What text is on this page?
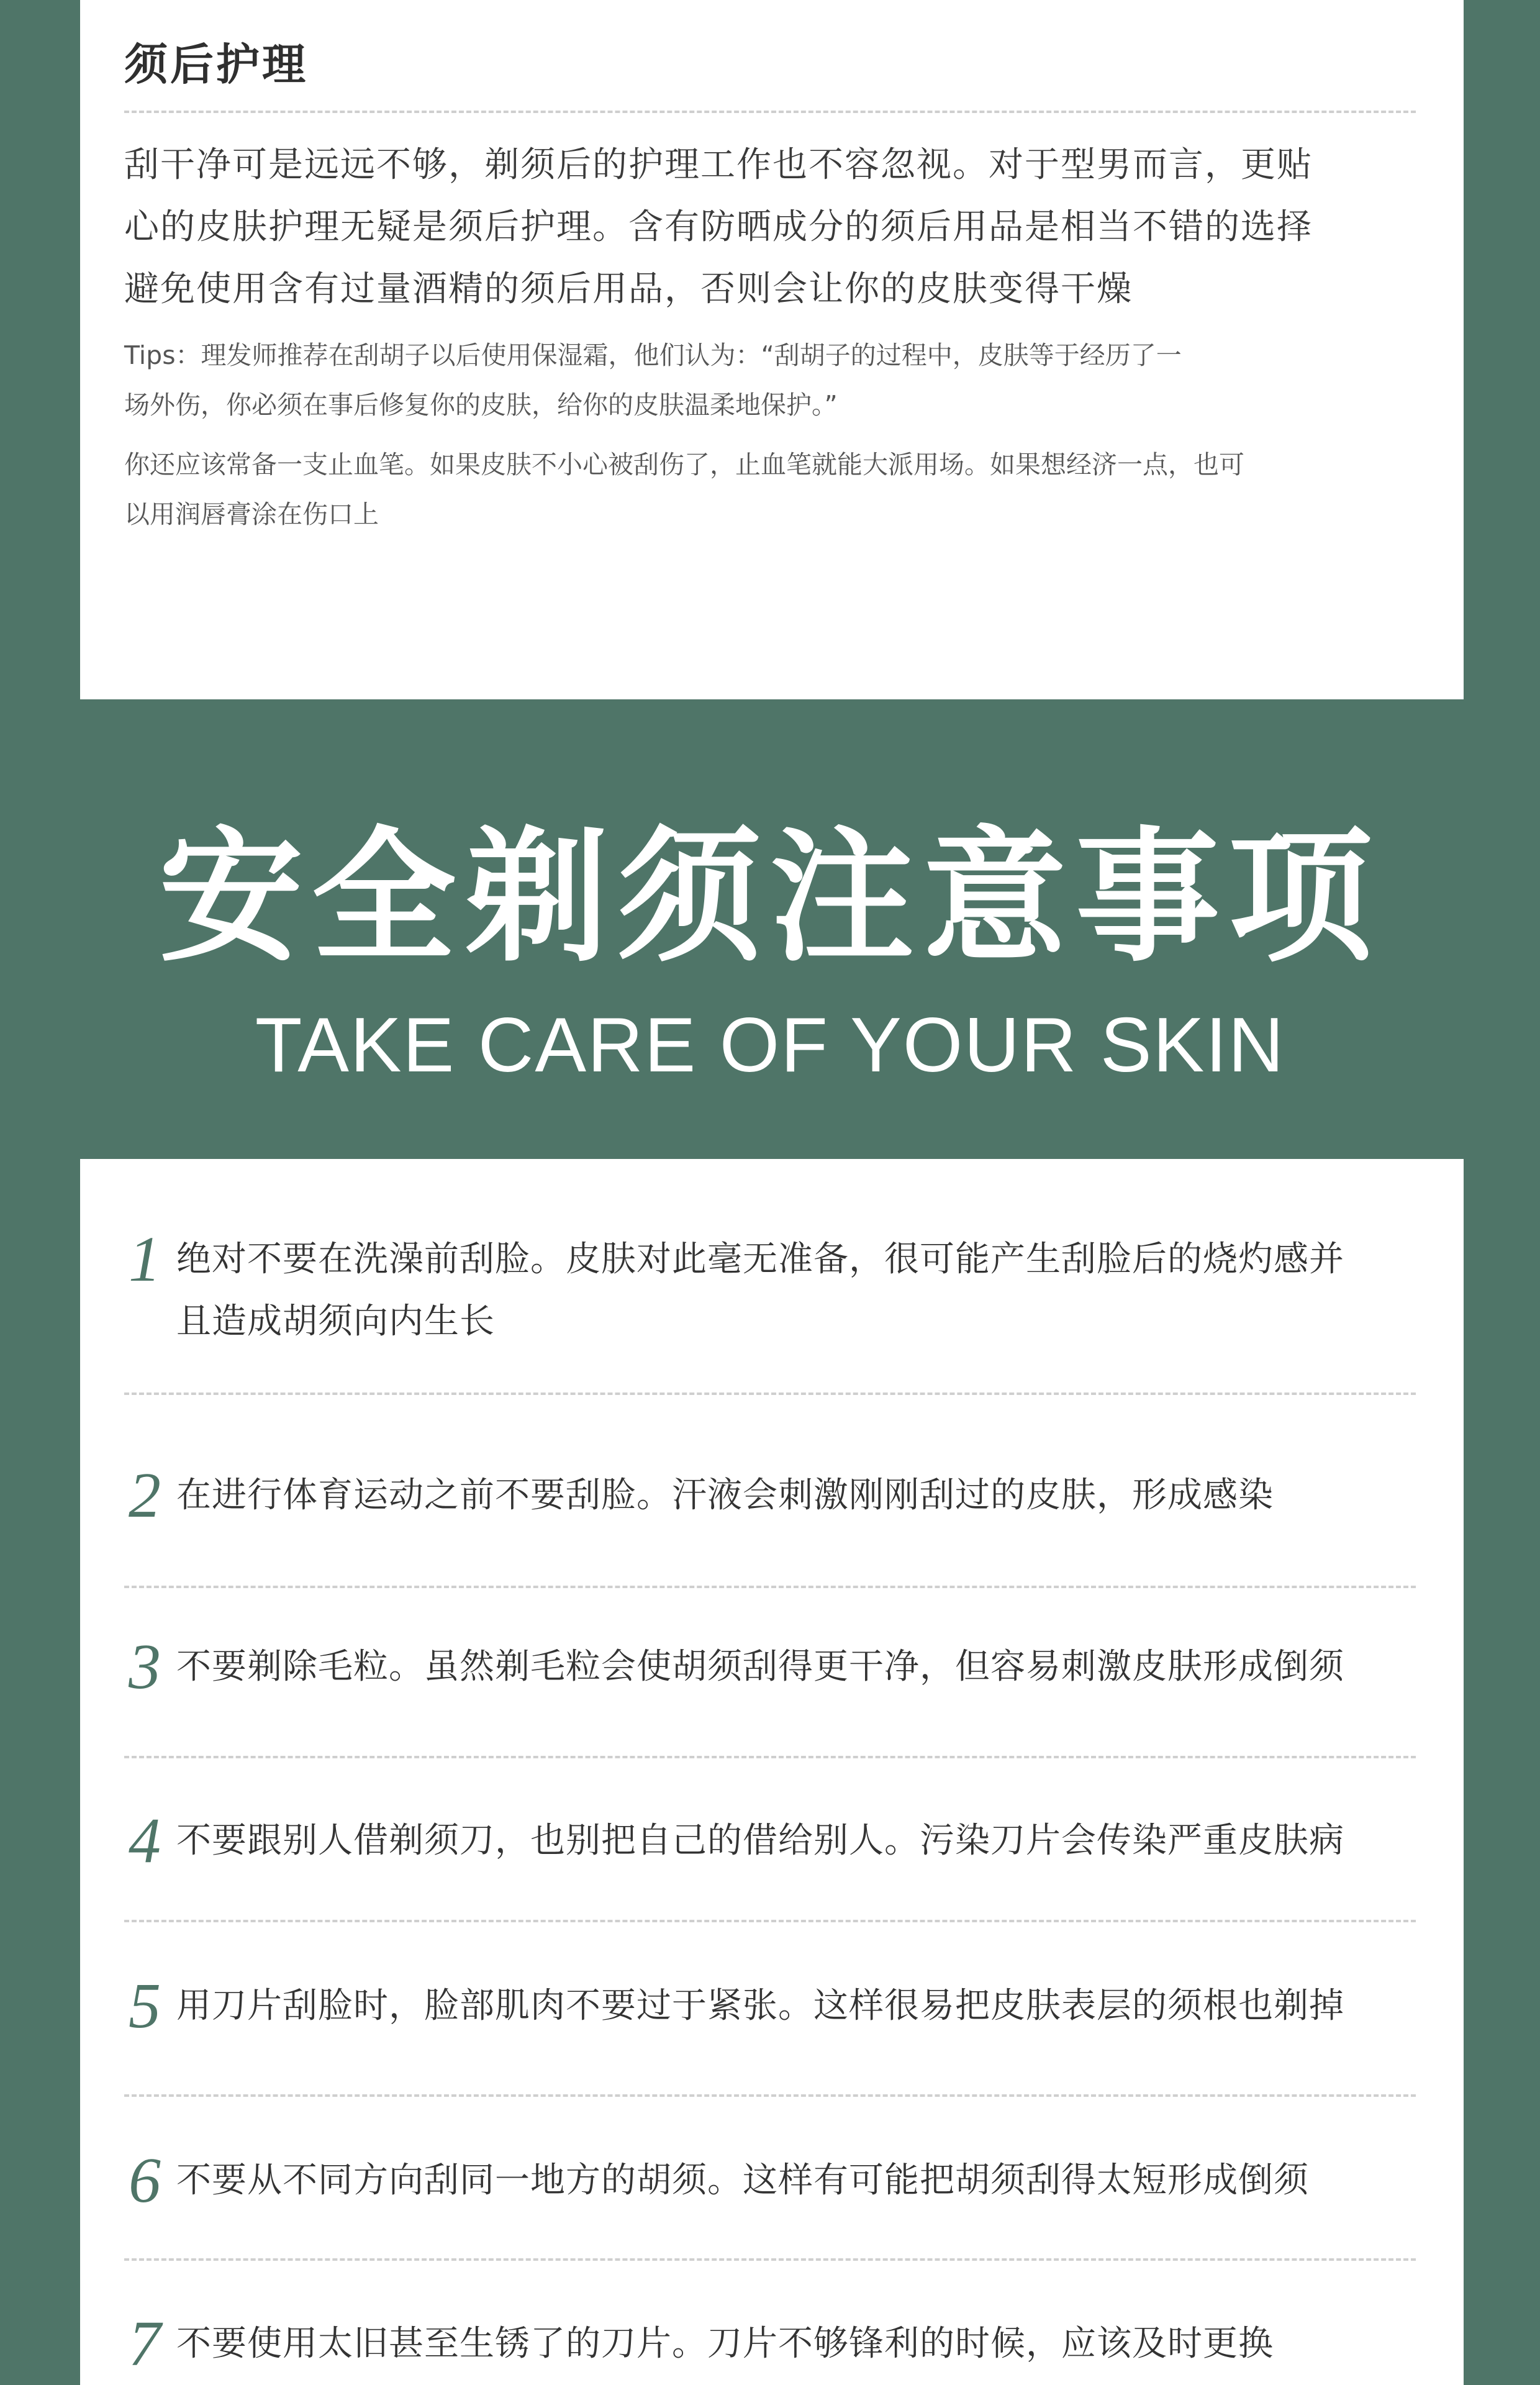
须后护理

刮干净可是远远不够，剃须后的护理工作也不容忽视。对于型男而言，更贴

心的皮肤护理无疑是须后护理。含有防晒成分的须后用品是相当不错的选择

避免使用含有过量酒精的须后用品，否则会让你的皮肤变得干燥

Tips：理发师推荐在刮胡子以后使用保湿霜，他们认为：“刮胡子的过程中，皮肤等于经历了一

场外伤，你必须在事后修复你的皮肤，给你的皮肤温柔地保护。”

你还应该常备一支止血笔。如果皮肤不小心被刮伤了，止血笔就能大派用场。如果想经济一点，也可

以用润唇膏涂在伤口上

安全剃须注意事项
TAKE CARE OF YOUR SKIN
1 绝对不要在洗澡前刮脸。皮肤对此毫无准备，很可能产生刮脸后的烧灼感并
且造成胡须向内生长
2 在进行体育运动之前不要刮脸。汗液会刺激刚刚刮过的皮肤，形成感染
3 不要剃除毛粒。虽然剃毛粒会使胡须刮得更干净，但容易刺激皮肤形成倒须
4 不要跟别人借剃须刀，也别把自己的借给别人。污染刀片会传染严重皮肤病
5 用刀片刮脸时，脸部肌肉不要过于紧张。这样很易把皮肤表层的须根也剃掉
6 不要从不同方向刮同一地方的胡须。这样有可能把胡须刮得太短形成倒须
7 不要使用太旧甚至生锈了的刀片。刀片不够锋利的时候，应该及时更换
